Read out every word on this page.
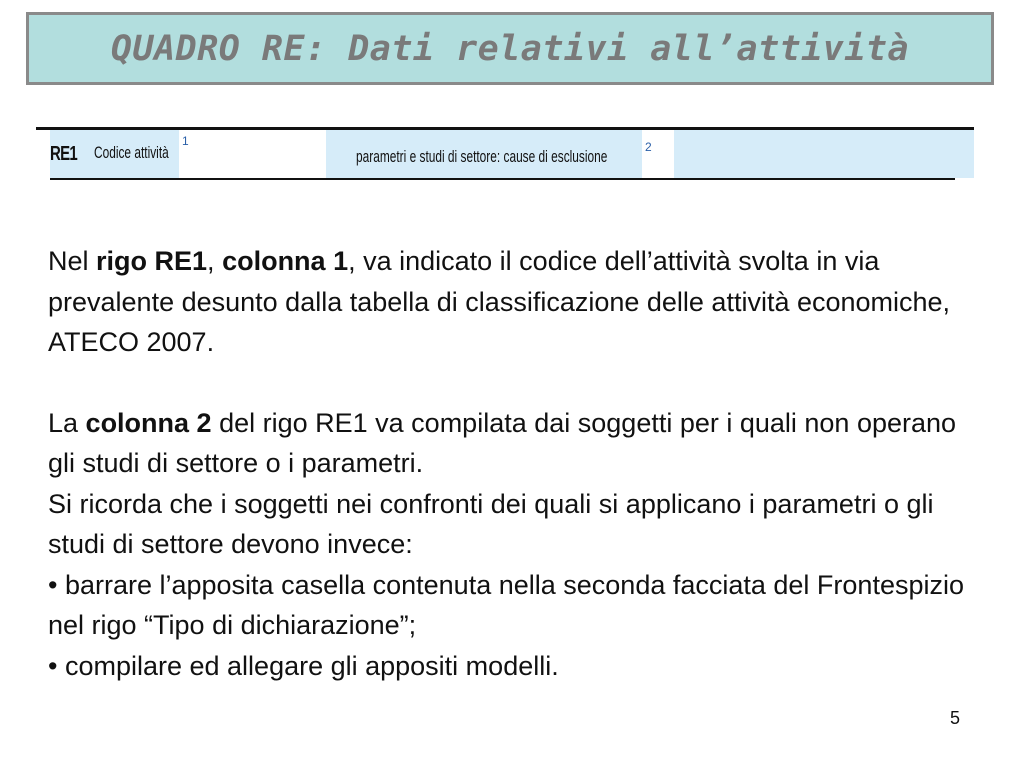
QUADRO RE: Dati relativi all’attività
RE1 Codice attività
1
parametri e studi di settore: cause di esclusione	2

Nel rigo RE1, colonna 1, va indicato il codice dell’attività svolta in via prevalente desunto dalla tabella di classificazione delle attività economiche, ATECO 2007.

La colonna 2 del rigo RE1 va compilata dai soggetti per i quali non operano gli studi di settore o i parametri.

Si ricorda che i soggetti nei confronti dei quali si applicano i parametri o gli studi di settore devono invece:

• barrare l’apposita casella contenuta nella seconda facciata del Frontespizio nel rigo “Tipo di dichiarazione”;

• compilare ed allegare gli appositi modelli.

5
